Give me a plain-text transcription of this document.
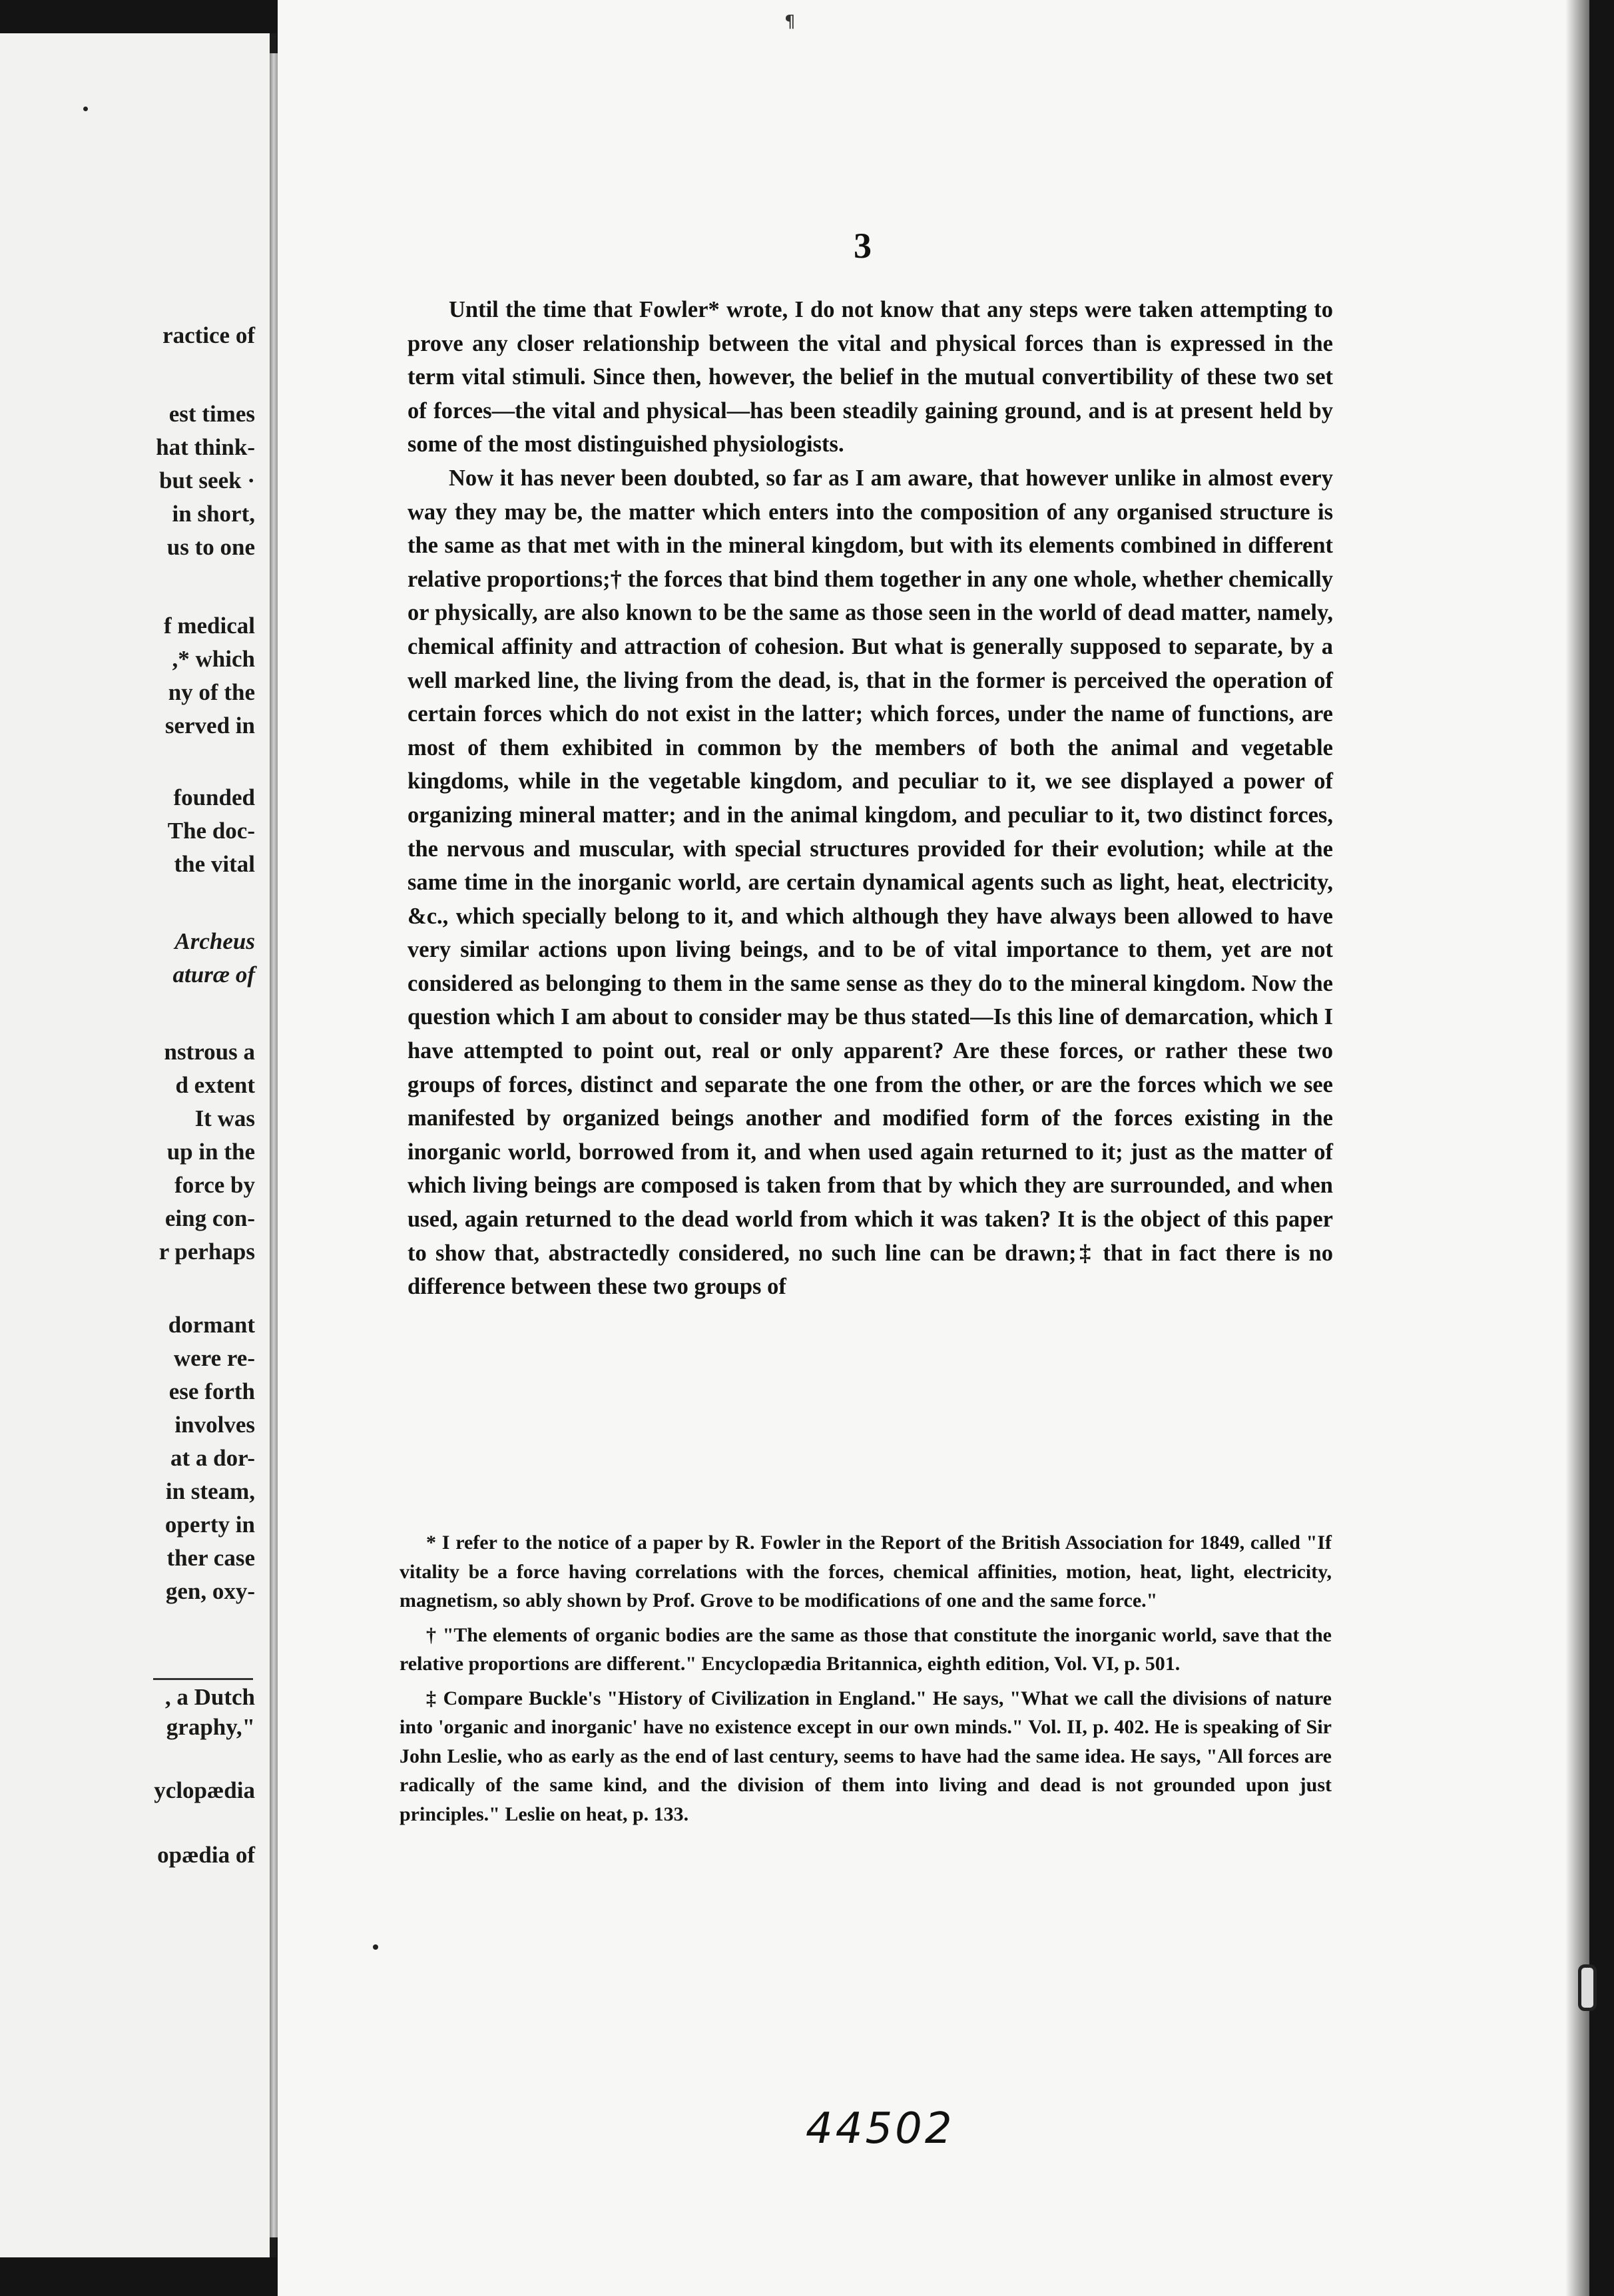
ractice of
est times
hat think-
but seek ·
in short,
us to one
f medical
,* which
ny of the
served in
founded
The doc-
the vital
Archeus
aturæ of
nstrous a
d extent
It was
up in the
force by
eing con-
r perhaps
dormant
were re-
ese forth
involves
at a dor-
in steam,
operty in
ther case
gen, oxy-
, a Dutch
graphy,"
yclopædia
opædia of
¶
3

Until the time that Fowler* wrote, I do not know that any steps were taken attempting to prove any closer relationship between the vital and physical forces than is expressed in the term vital stimuli. Since then, however, the belief in the mutual convertibility of these two set of forces—the vital and physical—has been steadily gaining ground, and is at present held by some of the most distinguished physiologists.

Now it has never been doubted, so far as I am aware, that however unlike in almost every way they may be, the matter which enters into the composition of any organised structure is the same as that met with in the mineral kingdom, but with its elements combined in different relative proportions;† the forces that bind them together in any one whole, whether chemically or physically, are also known to be the same as those seen in the world of dead matter, namely, chemical affinity and attraction of cohesion. But what is generally supposed to separate, by a well marked line, the living from the dead, is, that in the former is perceived the operation of certain forces which do not exist in the latter; which forces, under the name of functions, are most of them exhibited in common by the members of both the animal and vegetable kingdoms, while in the vegetable kingdom, and peculiar to it, we see displayed a power of organizing mineral matter; and in the animal kingdom, and peculiar to it, two distinct forces, the nervous and muscular, with special structures provided for their evolution; while at the same time in the inorganic world, are certain dynamical agents such as light, heat, electricity, &c., which specially belong to it, and which although they have always been allowed to have very similar actions upon living beings, and to be of vital importance to them, yet are not considered as belonging to them in the same sense as they do to the mineral kingdom. Now the question which I am about to consider may be thus stated—Is this line of demarcation, which I have attempted to point out, real or only apparent? Are these forces, or rather these two groups of forces, distinct and separate the one from the other, or are the forces which we see manifested by organized beings another and modified form of the forces existing in the inorganic world, borrowed from it, and when used again returned to it; just as the matter of which living beings are composed is taken from that by which they are surrounded, and when used, again returned to the dead world from which it was taken? It is the object of this paper to show that, abstractedly considered, no such line can be drawn;‡ that in fact there is no difference between these two groups of

* I refer to the notice of a paper by R. Fowler in the Report of the British Association for 1849, called "If vitality be a force having correlations with the forces, chemical affinities, motion, heat, light, electricity, magnetism, so ably shown by Prof. Grove to be modifications of one and the same force."

† "The elements of organic bodies are the same as those that constitute the inorganic world, save that the relative proportions are different." Encyclopædia Britannica, eighth edition, Vol. VI, p. 501.

‡ Compare Buckle's "History of Civilization in England." He says, "What we call the divisions of nature into 'organic and inorganic' have no existence except in our own minds." Vol. II, p. 402. He is speaking of Sir John Leslie, who as early as the end of last century, seems to have had the same idea. He says, "All forces are radically of the same kind, and the division of them into living and dead is not grounded upon just principles." Leslie on heat, p. 133.

44502
